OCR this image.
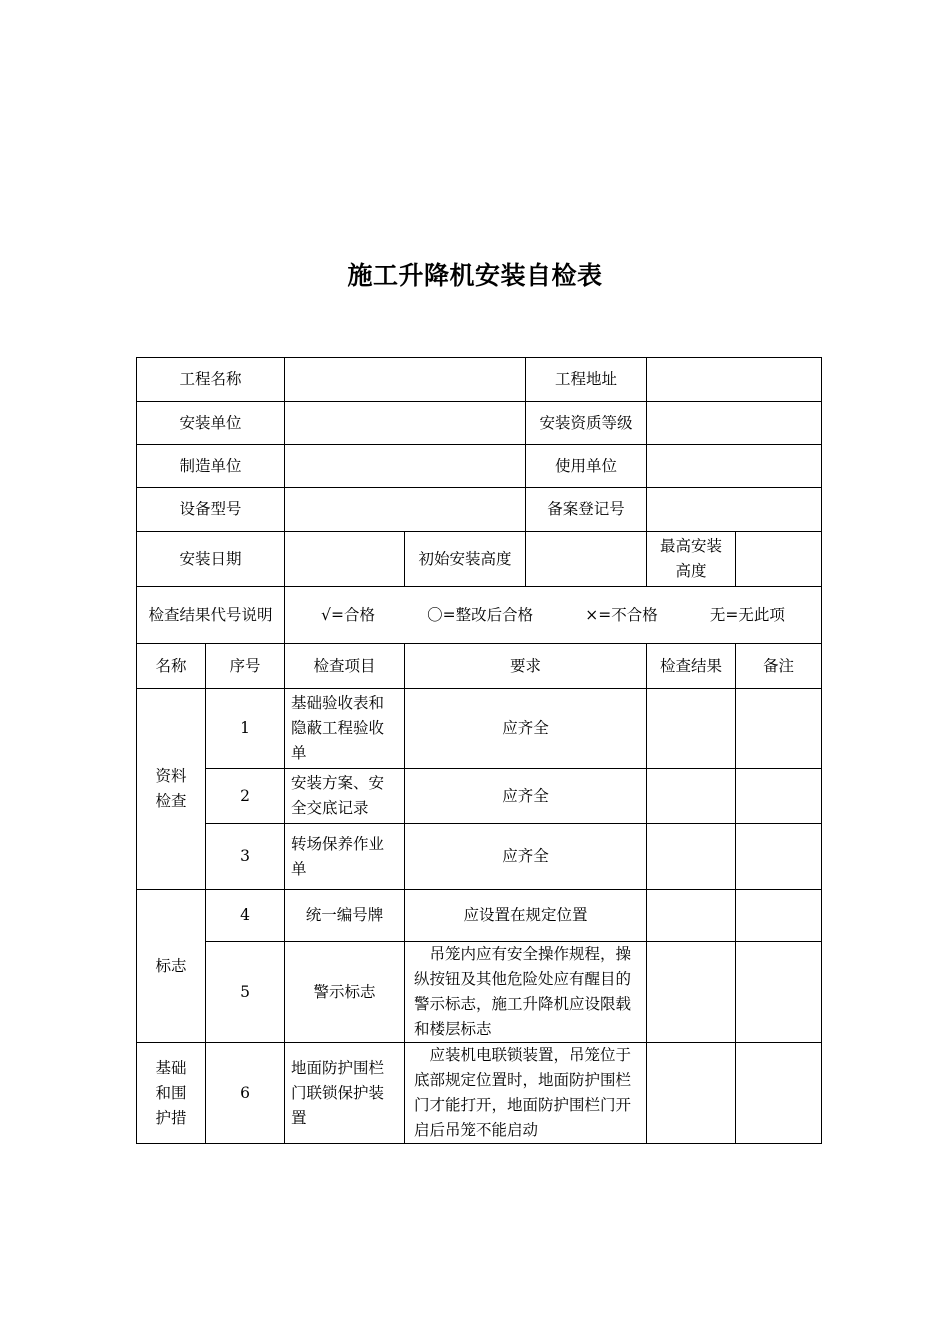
施工升降机安装自检表
工程名称				工程地址		
安装单位				安装资质等级		
制造单位				使用单位		
设备型号				备案登记号		
安装日期			初始安装高度		最高安装高度	
检查结果代号说明		√=合格 〇=整改后合格 ×=不合格 无=无此项				

名称	序号	检查项目	要求		检查结果	备注
资料检查	1	基础验收表和隐蔽工程验收单	应齐全			
	2	安装方案、安全交底记录	应齐全			
	3	转场保养作业单	应齐全			
标志	4	统一编号牌	应设置在规定位置			
	5	警示标志	吊笼内应有安全操作规程，操纵按钮及其他危险处应有醒目的警示标志，施工升降机应设限载和楼层标志			
基础和围护措	6	地面防护围栏门联锁保护装置	应装机电联锁装置，吊笼位于底部规定位置时，地面防护围栏门才能打开，地面防护围栏门开启后吊笼不能启动			
